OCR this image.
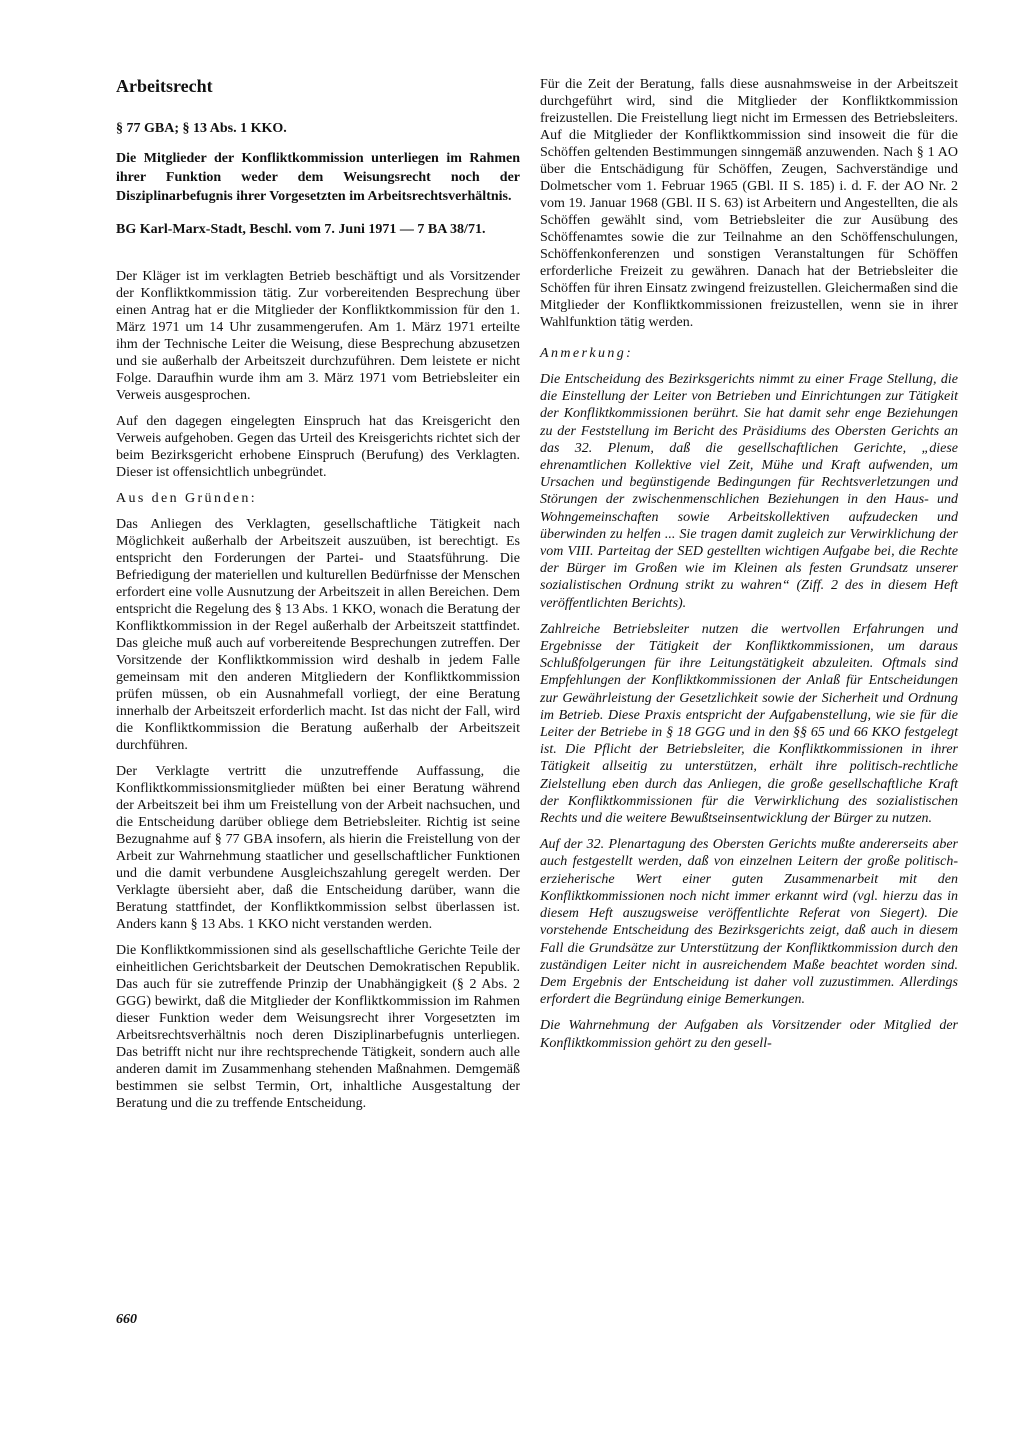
Arbeitsrecht
§ 77 GBA; § 13 Abs. 1 KKO.
Die Mitglieder der Konfliktkommission unterliegen im Rahmen ihrer Funktion weder dem Weisungsrecht noch der Disziplinarbefugnis ihrer Vorgesetzten im Arbeitsrechtsverhältnis.
BG Karl-Marx-Stadt, Beschl. vom 7. Juni 1971 — 7 BA 38/71.

Der Kläger ist im verklagten Betrieb beschäftigt und als Vorsitzender der Konfliktkommission tätig. Zur vorbereitenden Besprechung über einen Antrag hat er die Mitglieder der Konfliktkommission für den 1. März 1971 um 14 Uhr zusammengerufen. Am 1. März 1971 erteilte ihm der Technische Leiter die Weisung, diese Besprechung abzusetzen und sie außerhalb der Arbeitszeit durchzuführen. Dem leistete er nicht Folge. Daraufhin wurde ihm am 3. März 1971 vom Betriebsleiter ein Verweis ausgesprochen.

Auf den dagegen eingelegten Einspruch hat das Kreisgericht den Verweis aufgehoben. Gegen das Urteil des Kreisgerichts richtet sich der beim Bezirksgericht erhobene Einspruch (Berufung) des Verklagten. Dieser ist offensichtlich unbegründet.

Aus den Gründen:

Das Anliegen des Verklagten, gesellschaftliche Tätigkeit nach Möglichkeit außerhalb der Arbeitszeit auszuüben, ist berechtigt. Es entspricht den Forderungen der Partei- und Staatsführung. Die Befriedigung der materiellen und kulturellen Bedürfnisse der Menschen erfordert eine volle Ausnutzung der Arbeitszeit in allen Bereichen. Dem entspricht die Regelung des § 13 Abs. 1 KKO, wonach die Beratung der Konfliktkommission in der Regel außerhalb der Arbeitszeit stattfindet. Das gleiche muß auch auf vorbereitende Besprechungen zutreffen. Der Vorsitzende der Konfliktkommission wird deshalb in jedem Falle gemeinsam mit den anderen Mitgliedern der Konfliktkommission prüfen müssen, ob ein Ausnahmefall vorliegt, der eine Beratung innerhalb der Arbeitszeit erforderlich macht. Ist das nicht der Fall, wird die Konfliktkommission die Beratung außerhalb der Arbeitszeit durchführen.

Der Verklagte vertritt die unzutreffende Auffassung, die Konfliktkommissionsmitglieder müßten bei einer Beratung während der Arbeitszeit bei ihm um Freistellung von der Arbeit nachsuchen, und die Entscheidung darüber obliege dem Betriebsleiter. Richtig ist seine Bezugnahme auf § 77 GBA insofern, als hierin die Freistellung von der Arbeit zur Wahrnehmung staatlicher und gesellschaftlicher Funktionen und die damit verbundene Ausgleichszahlung geregelt werden. Der Verklagte übersieht aber, daß die Entscheidung darüber, wann die Beratung stattfindet, der Konfliktkommission selbst überlassen ist. Anders kann § 13 Abs. 1 KKO nicht verstanden werden.

Die Konfliktkommissionen sind als gesellschaftliche Gerichte Teile der einheitlichen Gerichtsbarkeit der Deutschen Demokratischen Republik. Das auch für sie zutreffende Prinzip der Unabhängigkeit (§ 2 Abs. 2 GGG) bewirkt, daß die Mitglieder der Konfliktkommission im Rahmen dieser Funktion weder dem Weisungsrecht ihrer Vorgesetzten im Arbeitsrechtsverhältnis noch deren Disziplinarbefugnis unterliegen. Das betrifft nicht nur ihre rechtsprechende Tätigkeit, sondern auch alle anderen damit im Zusammenhang stehenden Maßnahmen. Demgemäß bestimmen sie selbst Termin, Ort, inhaltliche Ausgestaltung der Beratung und die zu treffende Entscheidung.

Für die Zeit der Beratung, falls diese ausnahmsweise in der Arbeitszeit durchgeführt wird, sind die Mitglieder der Konfliktkommission freizustellen. Die Freistellung liegt nicht im Ermessen des Betriebsleiters. Auf die Mitglieder der Konfliktkommission sind insoweit die für die Schöffen geltenden Bestimmungen sinngemäß anzuwenden. Nach § 1 AO über die Entschädigung für Schöffen, Zeugen, Sachverständige und Dolmetscher vom 1. Februar 1965 (GBl. II S. 185) i. d. F. der AO Nr. 2 vom 19. Januar 1968 (GBl. II S. 63) ist Arbeitern und Angestellten, die als Schöffen gewählt sind, vom Betriebsleiter die zur Ausübung des Schöffenamtes sowie die zur Teilnahme an den Schöffenschulungen, Schöffenkonferenzen und sonstigen Veranstaltungen für Schöffen erforderliche Freizeit zu gewähren. Danach hat der Betriebsleiter die Schöffen für ihren Einsatz zwingend freizustellen. Gleichermaßen sind die Mitglieder der Konfliktkommissionen freizustellen, wenn sie in ihrer Wahlfunktion tätig werden.

Anmerkung:

Die Entscheidung des Bezirksgerichts nimmt zu einer Frage Stellung, die die Einstellung der Leiter von Betrieben und Einrichtungen zur Tätigkeit der Konfliktkommissionen berührt. Sie hat damit sehr enge Beziehungen zu der Feststellung im Bericht des Präsidiums des Obersten Gerichts an das 32. Plenum, daß die gesellschaftlichen Gerichte, „diese ehrenamtlichen Kollektive viel Zeit, Mühe und Kraft aufwenden, um Ursachen und begünstigende Bedingungen für Rechtsverletzungen und Störungen der zwischenmenschlichen Beziehungen in den Haus- und Wohngemeinschaften sowie Arbeitskollektiven aufzudecken und überwinden zu helfen ... Sie tragen damit zugleich zur Verwirklichung der vom VIII. Parteitag der SED gestellten wichtigen Aufgabe bei, die Rechte der Bürger im Großen wie im Kleinen als festen Grundsatz unserer sozialistischen Ordnung strikt zu wahren“ (Ziff. 2 des in diesem Heft veröffentlichten Berichts).

Zahlreiche Betriebsleiter nutzen die wertvollen Erfahrungen und Ergebnisse der Tätigkeit der Konfliktkommissionen, um daraus Schlußfolgerungen für ihre Leitungstätigkeit abzuleiten. Oftmals sind Empfehlungen der Konfliktkommissionen der Anlaß für Entscheidungen zur Gewährleistung der Gesetzlichkeit sowie der Sicherheit und Ordnung im Betrieb. Diese Praxis entspricht der Aufgabenstellung, wie sie für die Leiter der Betriebe in § 18 GGG und in den §§ 65 und 66 KKO festgelegt ist. Die Pflicht der Betriebsleiter, die Konfliktkommissionen in ihrer Tätigkeit allseitig zu unterstützen, erhält ihre politisch-rechtliche Zielstellung eben durch das Anliegen, die große gesellschaftliche Kraft der Konfliktkommissionen für die Verwirklichung des sozialistischen Rechts und die weitere Bewußtseinsentwicklung der Bürger zu nutzen.

Auf der 32. Plenartagung des Obersten Gerichts mußte andererseits aber auch festgestellt werden, daß von einzelnen Leitern der große politisch-erzieherische Wert einer guten Zusammenarbeit mit den Konfliktkommissionen noch nicht immer erkannt wird (vgl. hierzu das in diesem Heft auszugsweise veröffentlichte Referat von Siegert). Die vorstehende Entscheidung des Bezirksgerichts zeigt, daß auch in diesem Fall die Grundsätze zur Unterstützung der Konfliktkommission durch den zuständigen Leiter nicht in ausreichendem Maße beachtet worden sind. Dem Ergebnis der Entscheidung ist daher voll zuzustimmen. Allerdings erfordert die Begründung einige Bemerkungen.

Die Wahrnehmung der Aufgaben als Vorsitzender oder Mitglied der Konfliktkommission gehört zu den gesell-

660
